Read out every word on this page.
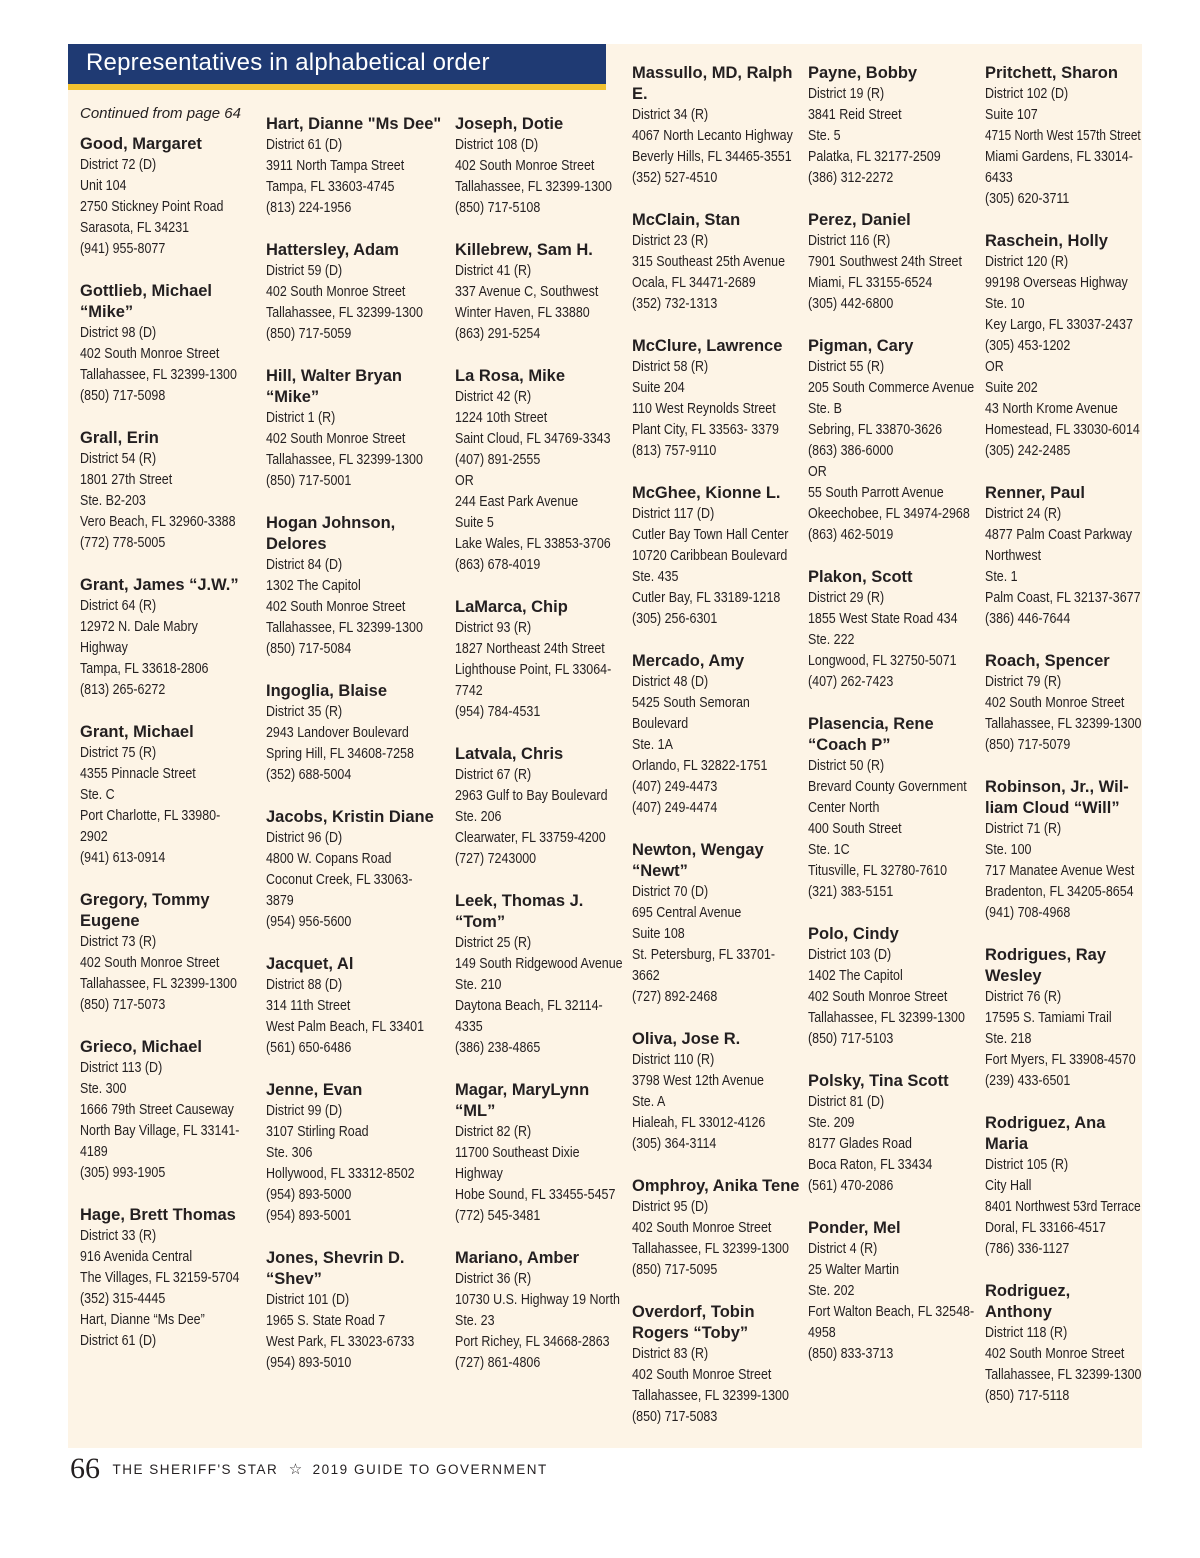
Representatives in alphabetical order
Continued from page 64
Good, Margaret
District 72 (D)
Unit 104
2750 Stickney Point Road
Sarasota, FL 34231
(941) 955-8077
Gottlieb, Michael “Mike”
District 98 (D)
402 South Monroe Street
Tallahassee, FL 32399-1300
(850) 717-5098
Grall, Erin
District 54 (R)
1801 27th Street
Ste. B2-203
Vero Beach, FL 32960-3388
(772) 778-5005
Grant, James “J.W.”
District 64 (R)
12972 N. Dale Mabry
Highway
Tampa, FL 33618-2806
(813) 265-6272
Grant, Michael
District 75 (R)
4355 Pinnacle Street
Ste. C
Port Charlotte, FL 33980-
2902
(941) 613-0914
Gregory, Tommy Eugene
District 73 (R)
402 South Monroe Street
Tallahassee, FL 32399-1300
(850) 717-5073
Grieco, Michael
District 113 (D)
Ste. 300
1666 79th Street Causeway
North Bay Village, FL 33141-
4189
(305) 993-1905
Hage, Brett Thomas
District 33 (R)
916 Avenida Central
The Villages, FL 32159-5704
(352) 315-4445
Hart, Dianne “Ms Dee”
District 61 (D)
Hart, Dianne "Ms Dee"
District 61 (D)
3911 North Tampa Street
Tampa, FL 33603-4745
(813) 224-1956
Hattersley, Adam
District 59 (D)
402 South Monroe Street
Tallahassee, FL 32399-1300
(850) 717-5059
Hill, Walter Bryan “Mike”
District 1 (R)
402 South Monroe Street
Tallahassee, FL 32399-1300
(850) 717-5001
Hogan Johnson, Delores
District 84 (D)
1302 The Capitol
402 South Monroe Street
Tallahassee, FL 32399-1300
(850) 717-5084
Ingoglia, Blaise
District 35 (R)
2943 Landover Boulevard
Spring Hill, FL 34608-7258
(352) 688-5004
Jacobs, Kristin Diane
District 96 (D)
4800 W. Copans Road
Coconut Creek, FL 33063-
3879
(954) 956-5600
Jacquet, Al
District 88 (D)
314 11th Street
West Palm Beach, FL 33401
(561) 650-6486
Jenne, Evan
District 99 (D)
3107 Stirling Road
Ste. 306
Hollywood, FL 33312-8502
(954) 893-5000
(954) 893-5001
Jones, Shevrin D. “Shev”
District 101 (D)
1965 S. State Road 7
West Park, FL 33023-6733
(954) 893-5010
Joseph, Dotie
District 108 (D)
402 South Monroe Street
Tallahassee, FL 32399-1300
(850) 717-5108
Killebrew, Sam H.
District 41 (R)
337 Avenue C, Southwest
Winter Haven, FL 33880
(863) 291-5254
La Rosa, Mike
District 42 (R)
1224 10th Street
Saint Cloud, FL 34769-3343
(407) 891-2555
OR
244 East Park Avenue
Suite 5
Lake Wales, FL 33853-3706
(863) 678-4019
LaMarca, Chip
District 93 (R)
1827 Northeast 24th Street
Lighthouse Point, FL 33064-
7742
(954) 784-4531
Latvala, Chris
District 67 (R)
2963 Gulf to Bay Boulevard
Ste. 206
Clearwater, FL 33759-4200
(727) 7243000
Leek, Thomas J. “Tom”
District 25 (R)
149 South Ridgewood Avenue
Ste. 210
Daytona Beach, FL 32114-
4335
(386) 238-4865
Magar, MaryLynn “ML”
District 82 (R)
11700 Southeast Dixie
Highway
Hobe Sound, FL 33455-5457
(772) 545-3481
Mariano, Amber
District 36 (R)
10730 U.S. Highway 19 North
Ste. 23
Port Richey, FL 34668-2863
(727) 861-4806
Massullo, MD, Ralph E.
District 34 (R)
4067 North Lecanto Highway
Beverly Hills, FL 34465-3551
(352) 527-4510
McClain, Stan
District 23 (R)
315 Southeast 25th Avenue
Ocala, FL 34471-2689
(352) 732-1313
McClure, Lawrence
District 58 (R)
Suite 204
110 West Reynolds Street
Plant City, FL 33563- 3379
(813) 757-9110
McGhee, Kionne L.
District 117 (D)
Cutler Bay Town Hall Center
10720 Caribbean Boulevard
Ste. 435
Cutler Bay, FL 33189-1218
(305) 256-6301
Mercado, Amy
District 48 (D)
5425 South Semoran
Boulevard
Ste. 1A
Orlando, FL 32822-1751
(407) 249-4473
(407) 249-4474
Newton, Wengay “Newt”
District 70 (D)
695 Central Avenue
Suite 108
St. Petersburg, FL 33701-
3662
(727) 892-2468
Oliva, Jose R.
District 110 (R)
3798 West 12th Avenue
Ste. A
Hialeah, FL 33012-4126
(305) 364-3114
Omphroy, Anika Tene
District 95 (D)
402 South Monroe Street
Tallahassee, FL 32399-1300
(850) 717-5095
Overdorf, Tobin Rogers “Toby”
District 83 (R)
402 South Monroe Street
Tallahassee, FL 32399-1300
(850) 717-5083
Payne, Bobby
District 19 (R)
3841 Reid Street
Ste. 5
Palatka, FL 32177-2509
(386) 312-2272
Perez, Daniel
District 116 (R)
7901 Southwest 24th Street
Miami, FL 33155-6524
(305) 442-6800
Pigman, Cary
District 55 (R)
205 South Commerce Avenue
Ste. B
Sebring, FL 33870-3626
(863) 386-6000
OR
55 South Parrott Avenue
Okeechobee, FL 34974-2968
(863) 462-5019
Plakon, Scott
District 29 (R)
1855 West State Road 434
Ste. 222
Longwood, FL 32750-5071
(407) 262-7423
Plasencia, Rene “Coach P”
District 50 (R)
Brevard County Government
Center North
400 South Street
Ste. 1C
Titusville, FL 32780-7610
(321) 383-5151
Polo, Cindy
District 103 (D)
1402 The Capitol
402 South Monroe Street
Tallahassee, FL 32399-1300
(850) 717-5103
Polsky, Tina Scott
District 81 (D)
Ste. 209
8177 Glades Road
Boca Raton, FL 33434
(561) 470-2086
Ponder, Mel
District 4 (R)
25 Walter Martin
Ste. 202
Fort Walton Beach, FL 32548-
4958
(850) 833-3713
Pritchett, Sharon
District 102 (D)
Suite 107
4715 North West 157th Street
Miami Gardens, FL 33014-
6433
(305) 620-3711
Raschein, Holly
District 120 (R)
99198 Overseas Highway
Ste. 10
Key Largo, FL 33037-2437
(305) 453-1202
OR
Suite 202
43 North Krome Avenue
Homestead, FL 33030-6014
(305) 242-2485
Renner, Paul
District 24 (R)
4877 Palm Coast Parkway
Northwest
Ste. 1
Palm Coast, FL 32137-3677
(386) 446-7644
Roach, Spencer
District 79 (R)
402 South Monroe Street
Tallahassee, FL 32399-1300
(850) 717-5079
Robinson, Jr., Wil-liam Cloud “Will”
District 71 (R)
Ste. 100
717 Manatee Avenue West
Bradenton, FL 34205-8654
(941) 708-4968
Rodrigues, Ray Wesley
District 76 (R)
17595 S. Tamiami Trail
Ste. 218
Fort Myers, FL 33908-4570
(239) 433-6501
Rodriguez, Ana Maria
District 105 (R)
City Hall
8401 Northwest 53rd Terrace
Doral, FL 33166-4517
(786) 336-1127
Rodriguez, Anthony
District 118 (R)
402 South Monroe Street
Tallahassee, FL 32399-1300
(850) 717-5118
66 THE SHERIFF'S STAR ☆ 2019 GUIDE TO GOVERNMENT
